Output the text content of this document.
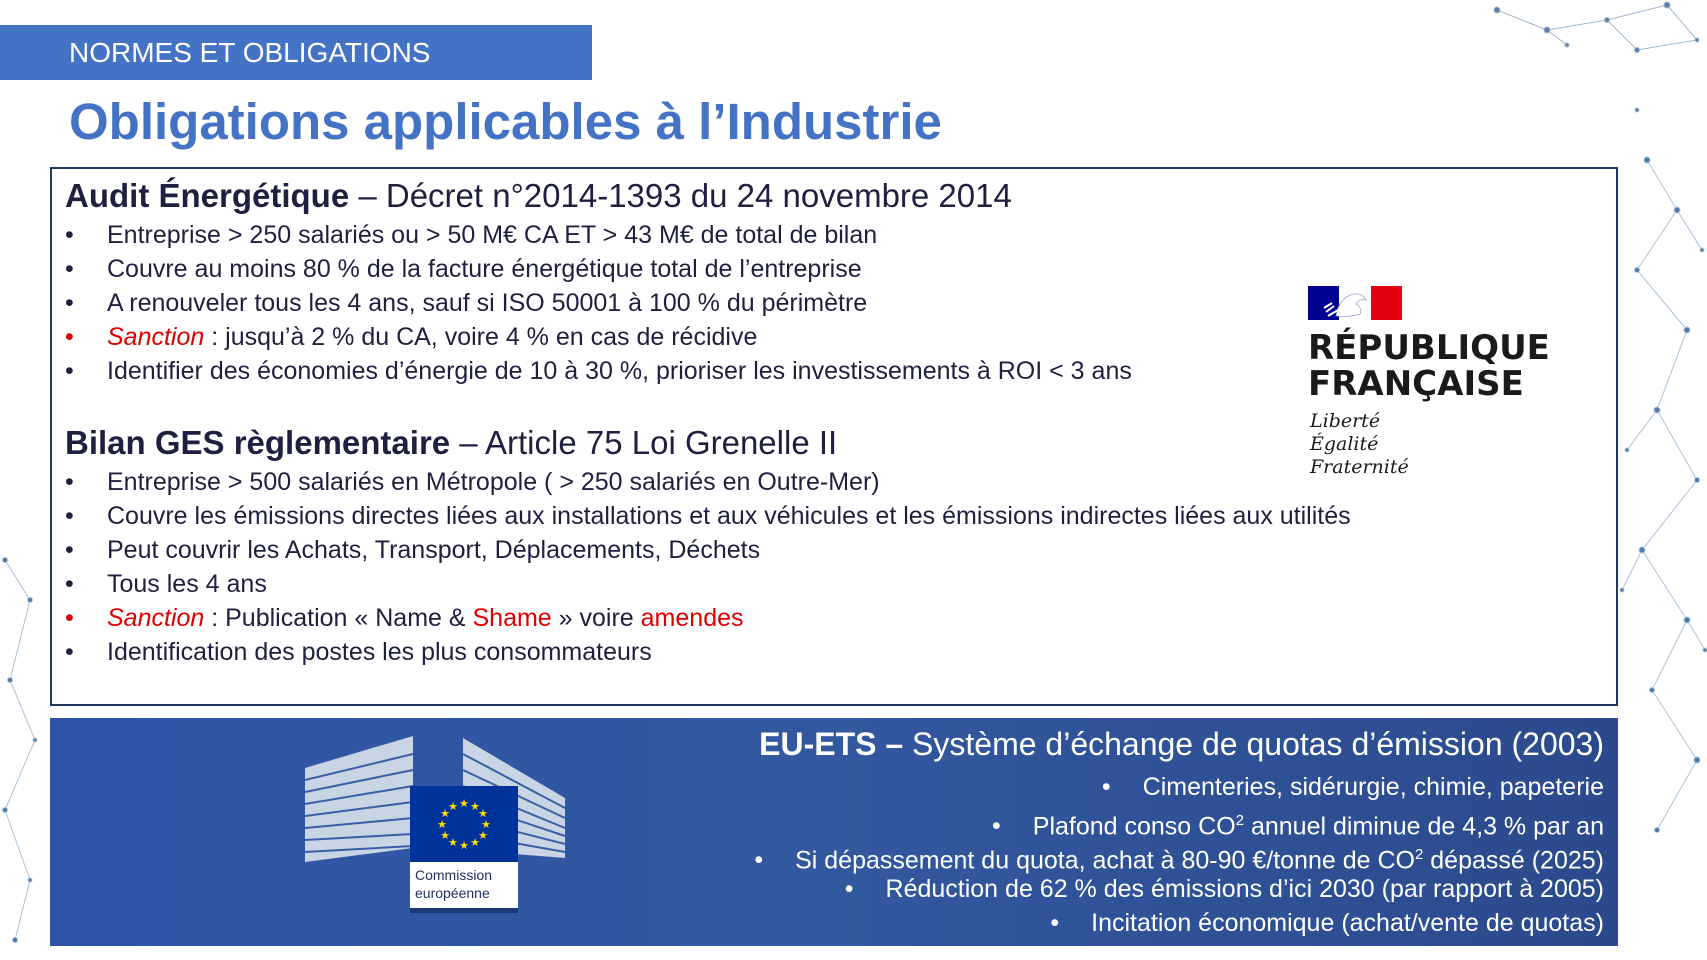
NORMES ET OBLIGATIONS
Obligations applicables à l’Industrie
Audit Énergétique – Décret n°2014-1393 du 24 novembre 2014
• Entreprise > 250 salariés ou > 50 M€ CA ET > 43 M€ de total de bilan
• Couvre au moins 80 % de la facture énergétique total de l’entreprise
• A renouveler tous les 4 ans, sauf si ISO 50001 à 100 % du périmètre
• Sanction : jusqu’à 2 % du CA, voire 4 % en cas de récidive
• Identifier des économies d’énergie de 10 à 30 %, prioriser les investissements à ROI < 3 ans
Bilan GES règlementaire – Article 75 Loi Grenelle II
• Entreprise > 500 salariés en Métropole ( > 250 salariés en Outre-Mer)
• Couvre les émissions directes liées aux installations et aux véhicules et les émissions indirectes liées aux utilités
• Peut couvrir les Achats, Transport, Déplacements, Déchets
• Tous les 4 ans
• Sanction : Publication « Name & Shame » voire amendes
• Identification des postes les plus consommateurs
RÉPUBLIQUE
FRANÇAISE
Liberté
Égalité
Fraternité
★ ★
★
★
★
★
★
★
★
★
★
★
Commission
européenne
EU-ETS – Système d’échange de quotas d’émission (2003)
• Cimenteries, sidérurgie, chimie, papeterie
• Plafond conso $CO^2$ annuel diminue de 4,3 % par an
• Si dépassement du quota, achat à 80-90 €/tonne de $CO^2$ dépassé (2025)
• Réduction de 62 % des émissions d’ici 2030 (par rapport à 2005)
• Incitation économique (achat/vente de quotas)
